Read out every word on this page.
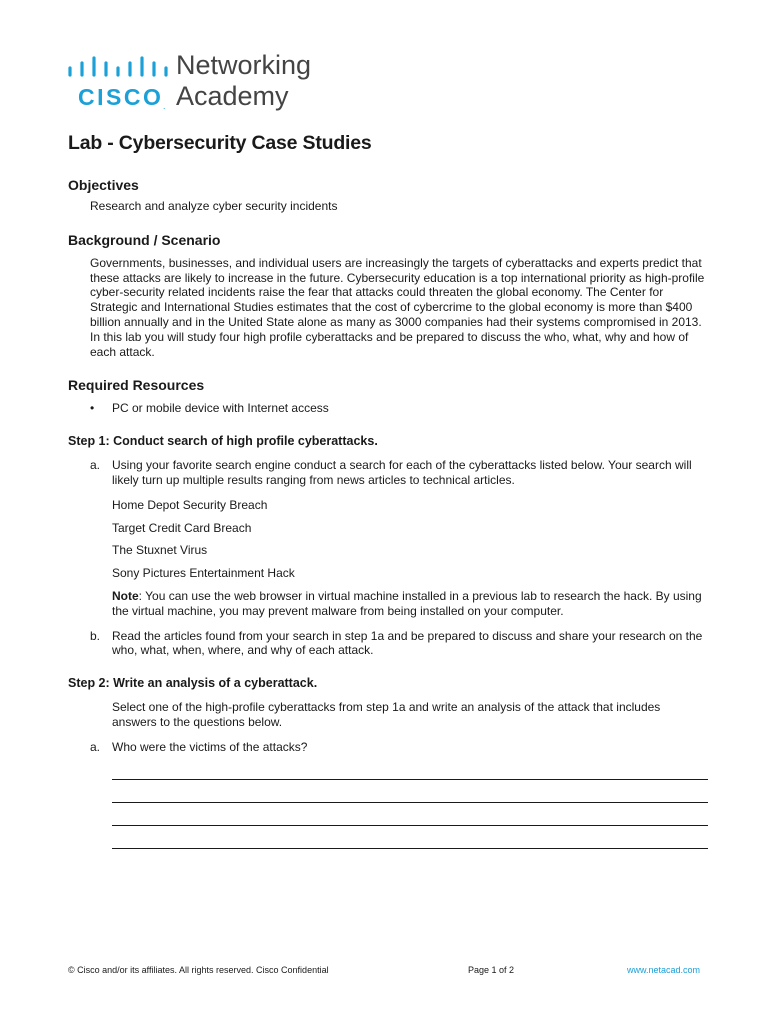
CISCO.
Networking
Academy
Lab - Cybersecurity Case Studies
Objectives

Research and analyze cyber security incidents

Background / Scenario

Governments, businesses, and individual users are increasingly the targets of cyberattacks and experts predict that these attacks are likely to increase in the future. Cybersecurity education is a top international priority as high-profile cyber-security related incidents raise the fear that attacks could threaten the global economy. The Center for Strategic and International Studies estimates that the cost of cybercrime to the global economy is more than $400 billion annually and in the United State alone as many as 3000 companies had their systems compromised in 2013. In this lab you will study four high profile cyberattacks and be prepared to discuss the who, what, why and how of each attack.

Required Resources
• PC or mobile device with Internet access
Step 1: Conduct search of high profile cyberattacks.
a. Using your favorite search engine conduct a search for each of the cyberattacks listed below. Your search will likely turn up multiple results ranging from news articles to technical articles.

Home Depot Security Breach

Target Credit Card Breach

The Stuxnet Virus

Sony Pictures Entertainment Hack

Note: You can use the web browser in virtual machine installed in a previous lab to research the hack. By using the virtual machine, you may prevent malware from being installed on your computer.

b. Read the articles found from your search in step 1a and be prepared to discuss and share your research on the who, what, when, where, and why of each attack.

Step 2: Write an analysis of a cyberattack.

Select one of the high-profile cyberattacks from step 1a and write an analysis of the attack that includes answers to the questions below.

a. Who were the victims of the attacks?

© Cisco and/or its affiliates. All rights reserved. Cisco Confidential	Page 1 of 2	www.netacad.com
